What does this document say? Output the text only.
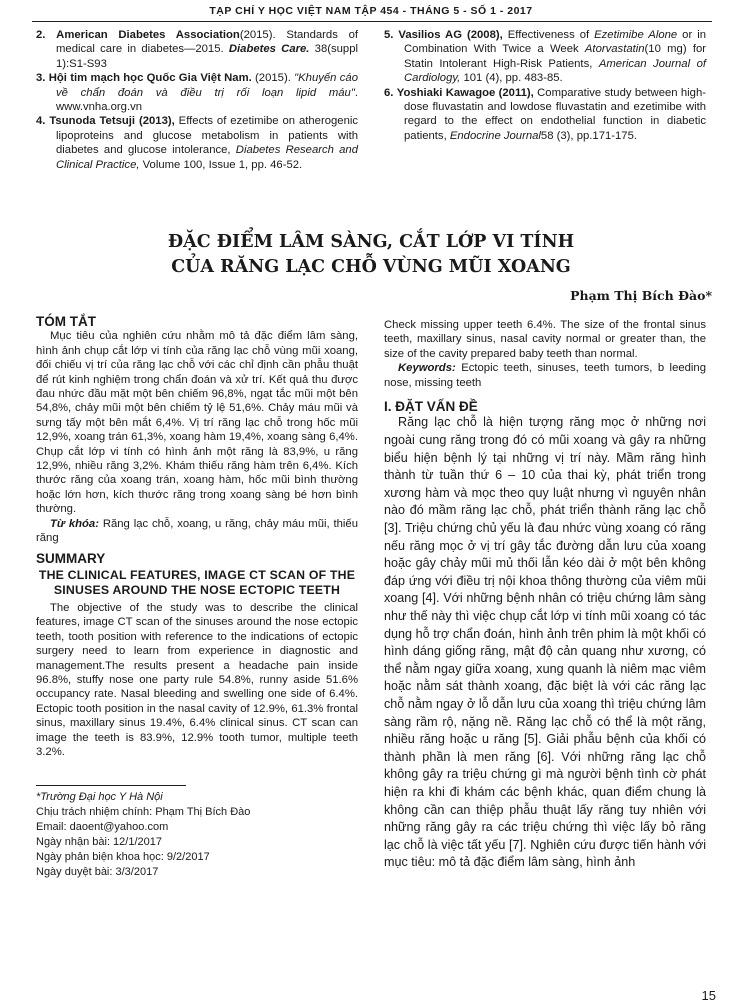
TẠP CHÍ Y HỌC VIỆT NAM TẬP 454 - THÁNG 5 - SỐ 1 - 2017
2. American Diabetes Association(2015). Standards of medical care in diabetes—2015. Diabetes Care. 38(suppl 1):S1-S93
3. Hội tim mạch học Quốc Gia Việt Nam. (2015). "Khuyến cáo về chẩn đoán và điều trị rối loạn lipid máu". www.vnha.org.vn
4. Tsunoda Tetsuji (2013), Effects of ezetimibe on atherogenic lipoproteins and glucose metabolism in patients with diabetes and glucose intolerance, Diabetes Research and Clinical Practice, Volume 100, Issue 1, pp. 46-52.
5. Vasilios AG (2008), Effectiveness of Ezetimibe Alone or in Combination With Twice a Week Atorvastatin(10 mg) for Statin Intolerant High-Risk Patients, American Journal of Cardiology, 101 (4), pp. 483-85.
6. Yoshiaki Kawagoe (2011), Comparative study between high-dose fluvastatin and lowdose fluvastatin and ezetimibe with regard to the effect on endothelial function in diabetic patients, Endocrine Journal58 (3), pp.171-175.
ĐẶC ĐIỂM LÂM SÀNG, CẮT LỚP VI TÍNH
CỦA RĂNG LẠC CHỖ VÙNG MŨI XOANG
Phạm Thị Bích Đào*
TÓM TẮT

Mục tiêu của nghiên cứu nhằm mô tả đặc điểm lâm sàng, hình ảnh chụp cắt lớp vi tính của răng lạc chỗ vùng mũi xoang, đối chiếu vị trí của răng lạc chỗ với các chỉ định cần phẫu thuật để rút kinh nghiệm trong chẩn đoán và xử trí. Kết quả thu được đau nhức đầu mặt một bên chiếm 96,8%, ngạt tắc mũi một bên 54,8%, chảy mũi một bên chiếm tỷ lệ 51,6%. Chảy máu mũi và sưng tấy một bên mắt 6,4%. Vị trí răng lạc chỗ trong hốc mũi 12,9%, xoang trán 61,3%, xoang hàm 19,4%, xoang sàng 6,4%. Chụp cắt lớp vi tính có hình ảnh một răng là 83,9%, u răng 12,9%, nhiều răng 3,2%. Khám thiếu răng hàm trên 6,4%. Kích thước răng của xoang trán, xoang hàm, hốc mũi bình thường hoặc lớn hơn, kích thước răng trong xoang sàng bé hơn bình thường.

Từ khóa: Răng lạc chỗ, xoang, u răng, chảy máu mũi, thiếu răng

SUMMARY
THE CLINICAL FEATURES, IMAGE CT SCAN OF THE SINUSES AROUND THE NOSE ECTOPIC TEETH

The objective of the study was to describe the clinical features, image CT scan of the sinuses around the nose ectopic teeth, tooth position with reference to the indications of ectopic surgery need to learn from experience in diagnostic and management.The results present a headache pain inside 96.8%, stuffy nose one party rule 54.8%, runny aside 51.6% occupancy rate. Nasal bleeding and swelling one side of 6.4%. Ectopic tooth position in the nasal cavity of 12.9%, 61.3% frontal sinus, maxillary sinus 19.4%, 6.4% clinical sinus. CT scan can image the teeth is 83.9%, 12.9% tooth tumor, multiple teeth 3.2%.

*Trường Đại học Y Hà Nội

Chịu trách nhiệm chính: Phạm Thị Bích Đào

Email: daoent@yahoo.com

Ngày nhận bài: 12/1/2017

Ngày phản biện khoa học: 9/2/2017

Ngày duyệt bài: 3/3/2017

Check missing upper teeth 6.4%. The size of the frontal sinus teeth, maxillary sinus, nasal cavity normal or greater than, the size of the cavity prepared baby teeth than normal.

Keywords: Ectopic teeth, sinuses, teeth tumors, b leeding nose, missing teeth

I. ĐẶT VẤN ĐỀ

Răng lạc chỗ là hiện tượng răng mọc ở những nơi ngoài cung răng trong đó có mũi xoang và gây ra những biểu hiện bệnh lý tại những vị trí này. Mầm răng hình thành từ tuần thứ 6 – 10 của thai kỳ, phát triển trong xương hàm và mọc theo quy luật nhưng vì nguyên nhân nào đó mầm răng lạc chỗ, phát triển thành răng lạc chỗ [3]. Triệu chứng chủ yếu là đau nhức vùng xoang có răng nếu răng mọc ở vị trí gây tắc đường dẫn lưu của xoang hoặc gây chảy mũi mủ thối lẫn kéo dài ở một bên không đáp ứng với điều trị nội khoa thông thường của viêm mũi xoang [4]. Với những bệnh nhân có triệu chứng lâm sàng như thế này thì việc chụp cắt lớp vi tính mũi xoang có tác dụng hỗ trợ chẩn đoán, hình ảnh trên phim là một khối có hình dáng giống răng, mật độ cản quang như xương, có thể nằm ngay giữa xoang, xung quanh là niêm mạc viêm hoặc nằm sát thành xoang, đặc biệt là với các răng lạc chỗ nằm ngay ở lỗ dẫn lưu của xoang thì triệu chứng lâm sàng rầm rộ, nặng nề. Răng lạc chỗ có thể là một răng, nhiều răng hoặc u răng [5]. Giải phẫu bệnh của khối có thành phần là men răng [6]. Với những răng lạc chỗ không gây ra triệu chứng gì mà người bệnh tình cờ phát hiện ra khi đi khám các bệnh khác, quan điểm chung là không cần can thiệp phẫu thuật lấy răng tuy nhiên với những răng gây ra các triệu chứng thì việc lấy bỏ răng lạc chỗ là việc tất yếu [7]. Nghiên cứu được tiến hành với mục tiêu: mô tả đặc điểm lâm sàng, hình ảnh

15
